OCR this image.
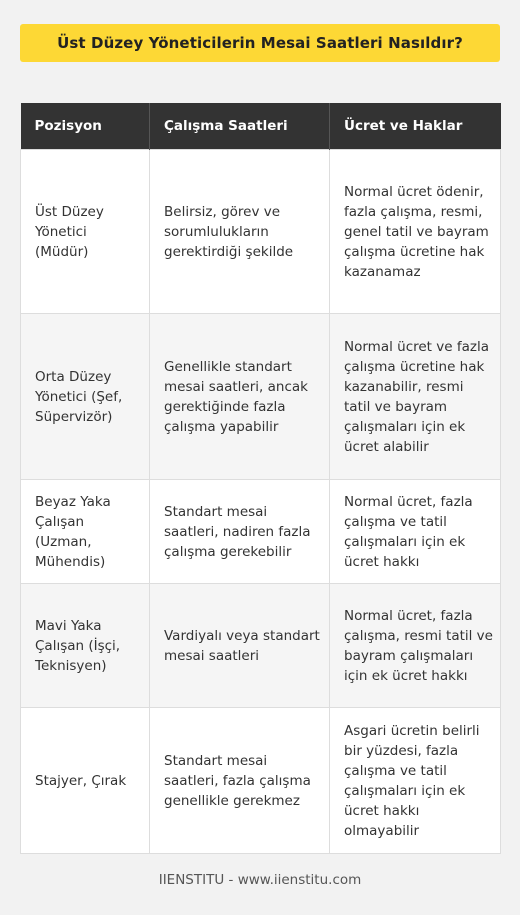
Üst Düzey Yöneticilerin Mesai Saatleri Nasıldır?
Pozisyon	Çalışma Saatleri	Ücret ve Haklar
Üst Düzey Yönetici (Müdür)	Belirsiz, görev ve sorumlulukların gerektirdiği şekilde	Normal ücret ödenir, fazla çalışma, resmi, genel tatil ve bayram çalışma ücretine hak kazanamaz
Orta Düzey Yönetici (Şef, Süpervizör)	Genellikle standart mesai saatleri, ancak gerektiğinde fazla çalışma yapabilir	Normal ücret ve fazla çalışma ücretine hak kazanabilir, resmi tatil ve bayram çalışmaları için ek ücret alabilir
Beyaz Yaka Çalışan (Uzman, Mühendis)	Standart mesai saatleri, nadiren fazla çalışma gerekebilir	Normal ücret, fazla çalışma ve tatil çalışmaları için ek ücret hakkı
Mavi Yaka Çalışan (İşçi, Teknisyen)	Vardiyalı veya standart mesai saatleri	Normal ücret, fazla çalışma, resmi tatil ve bayram çalışmaları için ek ücret hakkı
Stajyer, Çırak	Standart mesai saatleri, fazla çalışma genellikle gerekmez	Asgari ücretin belirli bir yüzdesi, fazla çalışma ve tatil çalışmaları için ek ücret hakkı olmayabilir
IIENSTITU - www.iienstitu.com
